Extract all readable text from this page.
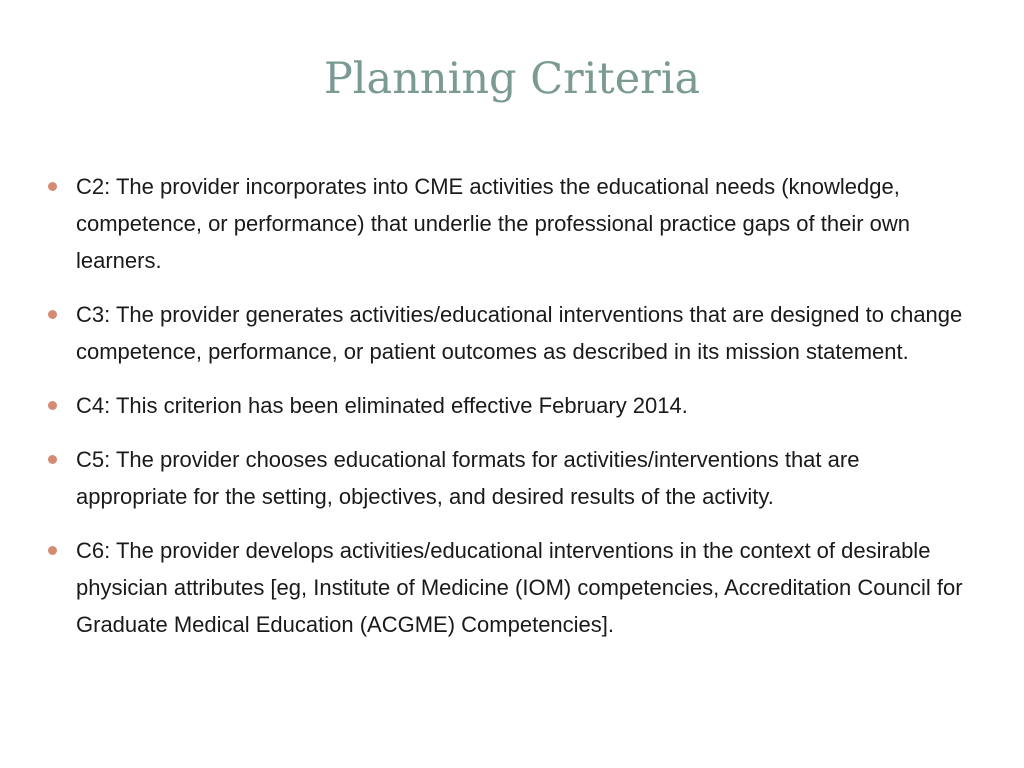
Planning Criteria
C2: The provider incorporates into CME activities the educational needs (knowledge, competence, or performance) that underlie the professional practice gaps of their own learners.
C3: The provider generates activities/educational interventions that are designed to change competence, performance, or patient outcomes as described in its mission statement.
C4: This criterion has been eliminated effective February 2014.
C5: The provider chooses educational formats for activities/interventions that are appropriate for the setting, objectives, and desired results of the activity.
C6: The provider develops activities/educational interventions in the context of desirable physician attributes [eg, Institute of Medicine (IOM) competencies, Accreditation Council for Graduate Medical Education (ACGME) Competencies].
